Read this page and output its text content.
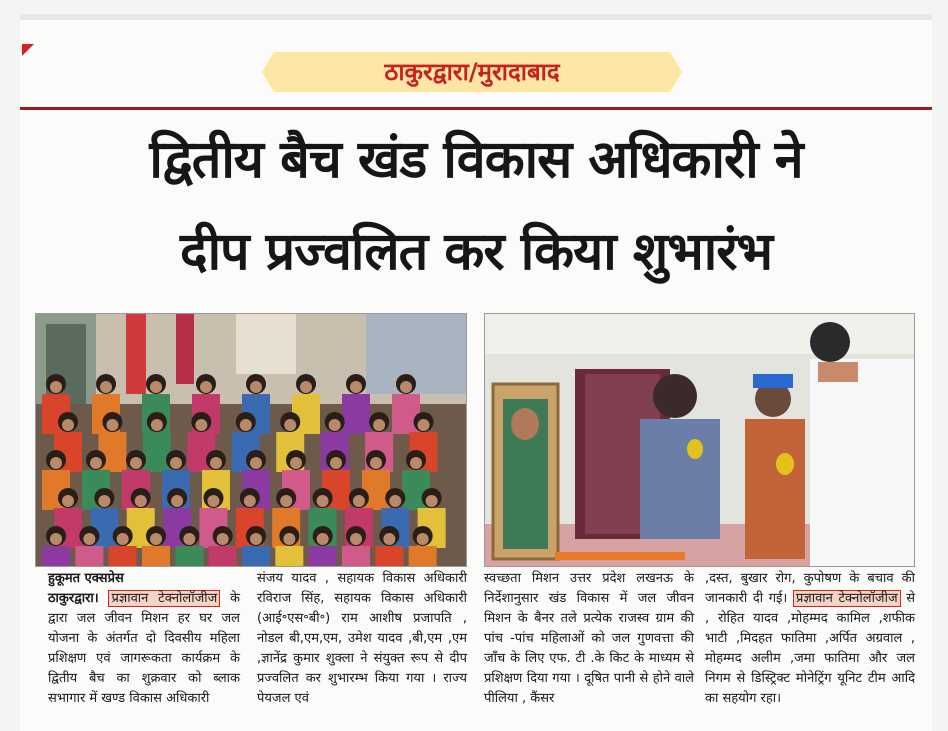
ठाकुरद्वारा/मुरादाबाद
द्वितीय बैच खंड विकास अधिकारी ने
दीप प्रज्वलित कर किया शुभारंभ
हुकूमत एक्सप्रेस
ठाकुरद्वारा। प्रज्ञावान टेक्नोलॉजीज के द्वारा जल जीवन मिशन हर घर जल योजना के अंतर्गत दो दिवसीय महिला प्रशिक्षण एवं जागरूकता कार्यक्रम के द्वितीय बैच का शुक्रवार को ब्लाक सभागार में खण्ड विकास अधिकारी
संजय यादव , सहायक विकास अधिकारी रविराज सिंह, सहायक विकास अधिकारी (आई॰एस॰बी॰) राम आशीष प्रजापति , नोडल बी,एम,एम, उमेश यादव ,बी,एम ,एम ,ज्ञानेंद्र कुमार शुक्ला ने संयुक्त रूप से दीप प्रज्वलित कर शुभारम्भ किया गया । राज्य पेयजल एवं
स्वच्छता मिशन उत्तर प्रदेश लखनऊ के निर्देशानुसार खंड विकास में जल जीवन मिशन के बैनर तले प्रत्येक राजस्व ग्राम की पांच -पांच महिलाओं को जल गुणवत्ता की जाँच के लिए एफ. टी .के किट के माध्यम से प्रशिक्षण दिया गया । दूषित पानी से होने वाले पीलिया , कैंसर
,दस्त, बुखार रोग, कुपोषण के बचाव की जानकारी दी गई। प्रज्ञावान टेक्नोलॉजीज से , रोहित यादव ,मोहम्मद कामिल ,शफीक भाटी ,मिदहत फातिमा ,अर्पित अग्रवाल , मोहम्मद अलीम ,जमा फातिमा और जल निगम से डिस्ट्रिक्ट मोनेट्रिंग यूनिट टीम आदि का सहयोग रहा।
